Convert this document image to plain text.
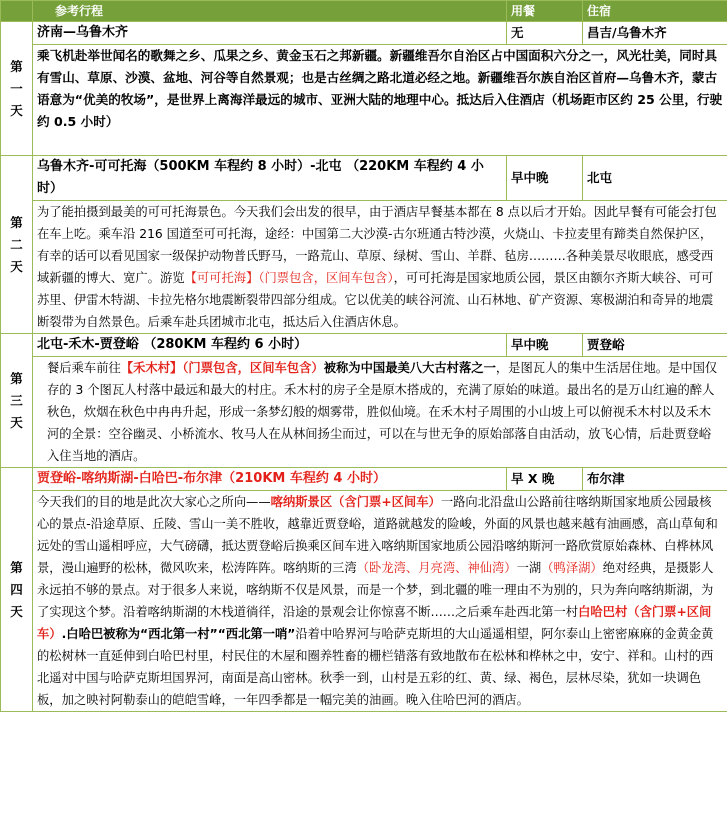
	参考行程	用餐	住宿
第一天	济南—乌鲁木齐	无	昌吉/乌鲁木齐
	乘飞机赴举世闻名的歌舞之乡、瓜果之乡、黄金玉石之邦新疆。新疆维吾尔自治区占中国面积六分之一，风光壮美，同时具有雪山、草原、沙漠、盆地、河谷等自然景观；也是古丝绸之路北道必经之地。新疆维吾尔族自治区首府—乌鲁木齐，蒙古语意为“优美的牧场”，是世界上离海洋最远的城市、亚洲大陆的地理中心。抵达后入住酒店（机场距市区约 25 公里，行驶约 0.5 小时）		
第二天	乌鲁木齐-可可托海（500KM 车程约 8 小时）-北屯 （220KM 车程约 4 小时）	早中晚	北屯
	为了能拍摄到最美的可可托海景色。今天我们会出发的很早，由于酒店早餐基本都在 8 点以后才开始。因此早餐有可能会打包在车上吃。乘车沿 216 国道至可可托海，途经：中国第二大沙漠-古尔班通古特沙漠，火烧山、卡拉麦里有蹄类自然保护区，有幸的话可以看见国家一级保护动物普氏野马，一路荒山、草原、绿树、雪山、羊群、毡房………各种美景尽收眼底，感受西域新疆的博大、宽广。游览【可可托海】（门票包含，区间车包含），可可托海是国家地质公园，景区由额尔齐斯大峡谷、可可苏里、伊雷木特湖、卡拉先格尔地震断裂带四部分组成。它以优美的峡谷河流、山石林地、矿产资源、寒极湖泊和奇异的地震断裂带为自然景色。后乘车赴兵团城市北屯，抵达后入住酒店休息。		
第三天	北屯-禾木-贾登峪 （280KM 车程约 6 小时）	早中晚	贾登峪
	餐后乘车前往【禾木村】（门票包含，区间车包含）被称为中国最美八大古村落之一，是图瓦人的集中生活居住地。是中国仅存的 3 个图瓦人村落中最远和最大的村庄。禾木村的房子全是原木搭成的，充满了原始的味道。最出名的是万山红遍的醉人秋色，炊烟在秋色中冉冉升起，形成一条梦幻般的烟雾带，胜似仙境。在禾木村子周围的小山坡上可以俯视禾木村以及禾木河的全景：空谷幽灵、小桥流水、牧马人在从林间扬尘而过，可以在与世无争的原始部落自由活动，放飞心情，后赴贾登峪入住当地的酒店。		
第四天	贾登峪-喀纳斯湖-白哈巴-布尔津（210KM 车程约 4 小时）	早 X 晚	布尔津
	今天我们的目的地是此次大家心之所向——喀纳斯景区（含门票+区间车）一路向北沿盘山公路前往喀纳斯国家地质公园最核心的景点-沿途草原、丘陵、雪山一美不胜收，越靠近贾登峪，道路就越发的险峻，外面的风景也越来越有油画感，高山草甸和远处的雪山遥相呼应，大气磅礴，抵达贾登峪后换乘区间车进入喀纳斯国家地质公园沿喀纳斯河一路欣赏原始森林、白桦林风景，漫山遍野的松林，微风吹来，松涛阵阵。喀纳斯的三湾（卧龙湾、月亮湾、神仙湾）一湖（鸭泽湖）绝对经典，是摄影人永远拍不够的景点。对于很多人来说，喀纳斯不仅是风景，而是一个梦，到北疆的唯一理由不为别的，只为奔向喀纳斯湖，为了实现这个梦。沿着喀纳斯湖的木栈道徜徉，沿途的景观会让你惊喜不断……之后乘车赴西北第一村白哈巴村（含门票+区间车）.白哈巴被称为“西北第一村”“西北第一哨”沿着中哈界河与哈萨克斯坦的大山遥遥相望，阿尔泰山上密密麻麻的金黄金黄的松树林一直延伸到白哈巴村里，村民住的木屋和圈养牲畜的栅栏错落有致地散布在松林和桦林之中，安宁、祥和。山村的西北遥对中国与哈萨克斯坦国界河，南面是高山密林。秋季一到，山村是五彩的红、黄、绿、褐色，层林尽染，犹如一块调色板，加之映衬阿勒泰山的皑皑雪峰，一年四季都是一幅完美的油画。晚入住哈巴河的酒店。		
